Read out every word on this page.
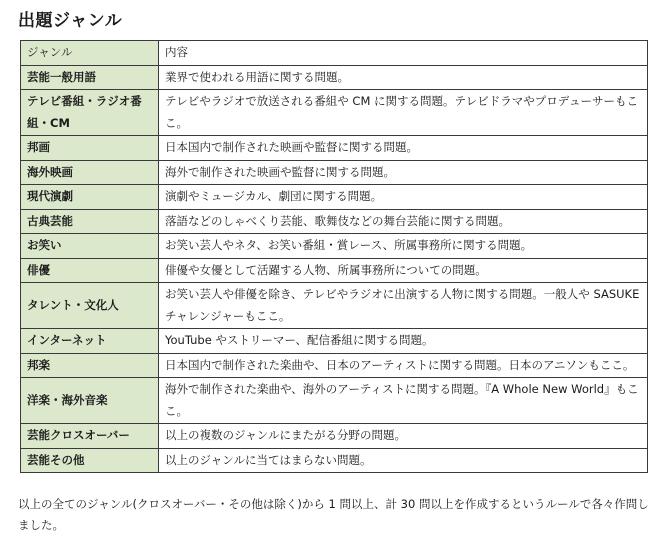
出題ジャンル
ジャンル	内容
芸能一般用語	業界で使われる用語に関する問題。
テレビ番組・ラジオ番組・CM	テレビやラジオで放送される番組や CM に関する問題。テレビドラマやプロデューサーもここ。
邦画	日本国内で制作された映画や監督に関する問題。
海外映画	海外で制作された映画や監督に関する問題。
現代演劇	演劇やミュージカル、劇団に関する問題。
古典芸能	落語などのしゃべくり芸能、歌舞伎などの舞台芸能に関する問題。
お笑い	お笑い芸人やネタ、お笑い番組・賞レース、所属事務所に関する問題。
俳優	俳優や女優として活躍する人物、所属事務所についての問題。
タレント・文化人	お笑い芸人や俳優を除き、テレビやラジオに出演する人物に関する問題。一般人や SASUKE チャレンジャーもここ。
インターネット	YouTube やストリーマー、配信番組に関する問題。
邦楽	日本国内で制作された楽曲や、日本のアーティストに関する問題。日本のアニソンもここ。
洋楽・海外音楽	海外で制作された楽曲や、海外のアーティストに関する問題。『A Whole New World』もここ。
芸能クロスオーバー	以上の複数のジャンルにまたがる分野の問題。
芸能その他	以上のジャンルに当てはまらない問題。
以上の全てのジャンル(クロスオーバー・その他は除く)から 1 問以上、計 30 問以上を作成するというルールで各々作問しました。
